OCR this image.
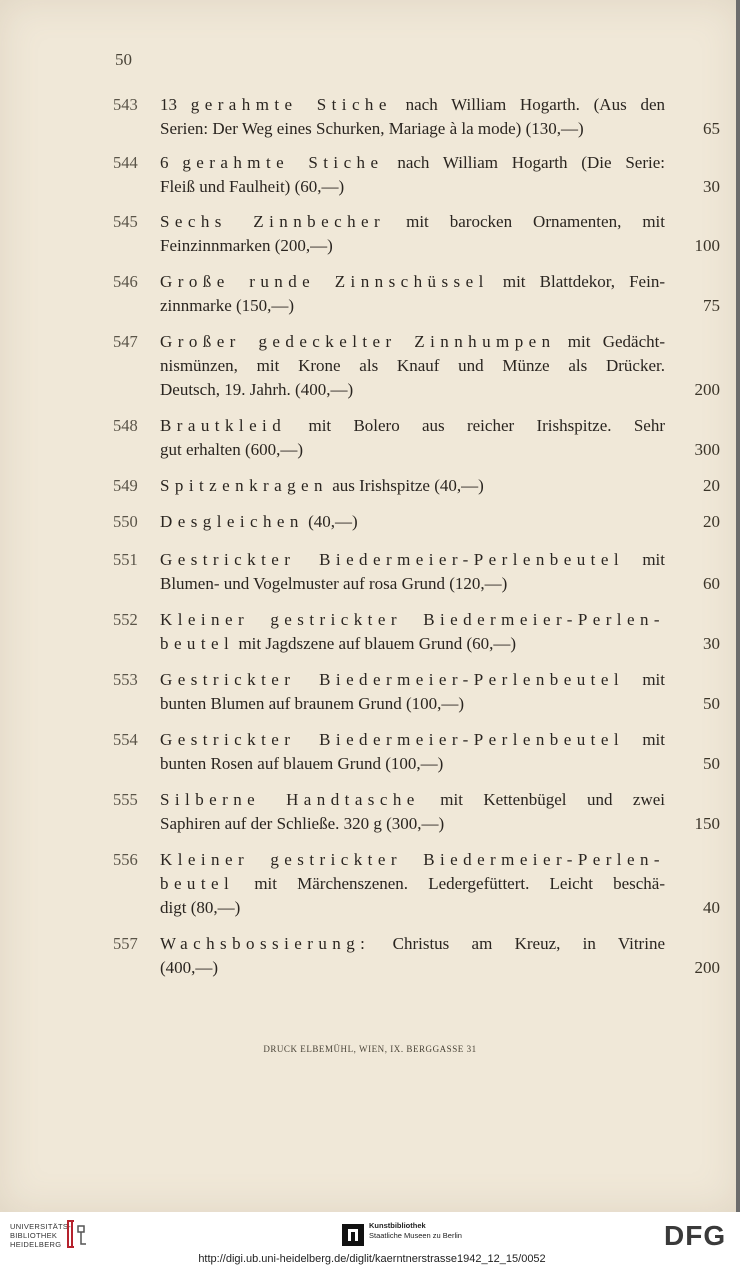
50
543 13 gerahmte Stiche nach William Hogarth. (Aus den
Serien: Der Weg eines Schurken, Mariage à la mode) (130,—)	65
544 6 gerahmte Stiche nach William Hogarth (Die Serie:
Fleiß und Faulheit) (60,—)	30
545 Sechs Zinnbecher mit barocken Ornamenten, mit
Feinzinnmarken (200,—)	100
546 Große runde Zinnschüssel mit Blattdekor, Fein-
zinnmarke (150,—)	75
547 Großer gedeckelter Zinnhumpen mit Gedächt-
nismünzen, mit Krone als Knauf und Münze als Drücker.
Deutsch, 19. Jahrh. (400,—)	200
548 Brautkleid mit Bolero aus reicher Irishspitze. Sehr
gut erhalten (600,—)	300
549 Spitzenkragen aus Irishspitze (40,—)	20
550 Desgleichen (40,—)	20
551 Gestrickter Biedermeier-Perlenbeutel mit
Blumen- und Vogelmuster auf rosa Grund (120,—)	60
552 Kleiner gestrickter Biedermeier-Perlen-
beutel mit Jagdszene auf blauem Grund (60,—)	30
553 Gestrickter Biedermeier-Perlenbeutel mit
bunten Blumen auf braunem Grund (100,—)	50
554 Gestrickter Biedermeier-Perlenbeutel mit
bunten Rosen auf blauem Grund (100,—)	50
555 Silberne Handtasche mit Kettenbügel und zwei
Saphiren auf der Schließe. 320 g (300,—)	150
556 Kleiner gestrickter Biedermeier-Perlen-
beutel mit Märchenszenen. Ledergefüttert. Leicht beschä-
digt (80,—)	40
557 Wachsbossierung: Christus am Kreuz, in Vitrine
(400,—)	200
DRUCK ELBEMÜHL, WIEN, IX. BERGGASSE 31
UNIVERSITÄTS-
BIBLIOTHEK
HEIDELBERG
Kunstbibliothek
Staatliche Museen zu Berlin	DFG
http://digi.ub.uni-heidelberg.de/diglit/kaerntnerstrasse1942_12_15/0052
